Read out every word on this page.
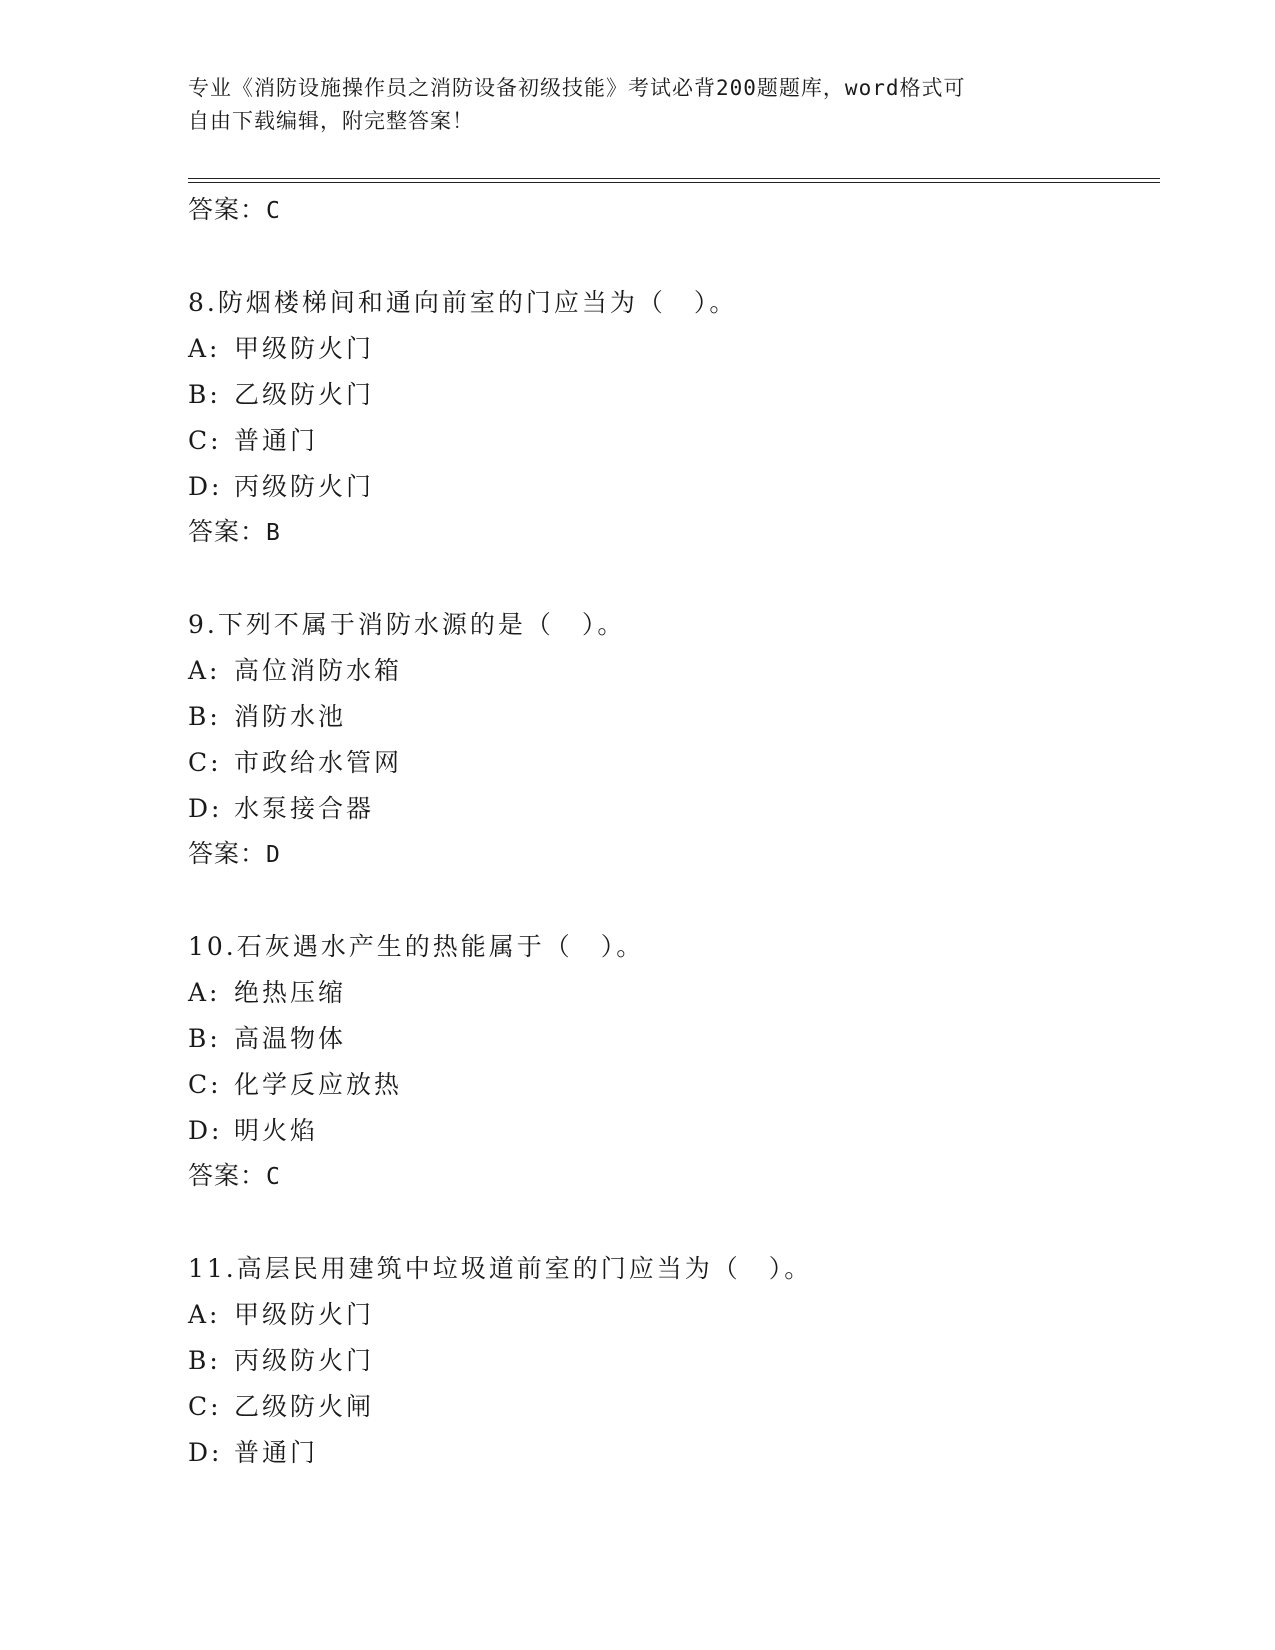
专业《消防设施操作员之消防设备初级技能》考试必背200题题库，word格式可
自由下载编辑，附完整答案！
答案：C
8.防烟楼梯间和通向前室的门应当为（　）。
A: 甲级防火门
B: 乙级防火门
C: 普通门
D: 丙级防火门
答案：B
9.下列不属于消防水源的是（　）。
A: 高位消防水箱
B: 消防水池
C: 市政给水管网
D: 水泵接合器
答案：D
10.石灰遇水产生的热能属于（　）。
A: 绝热压缩
B: 高温物体
C: 化学反应放热
D: 明火焰
答案：C
11.高层民用建筑中垃圾道前室的门应当为（　）。
A: 甲级防火门
B: 丙级防火门
C: 乙级防火闸
D: 普通门
